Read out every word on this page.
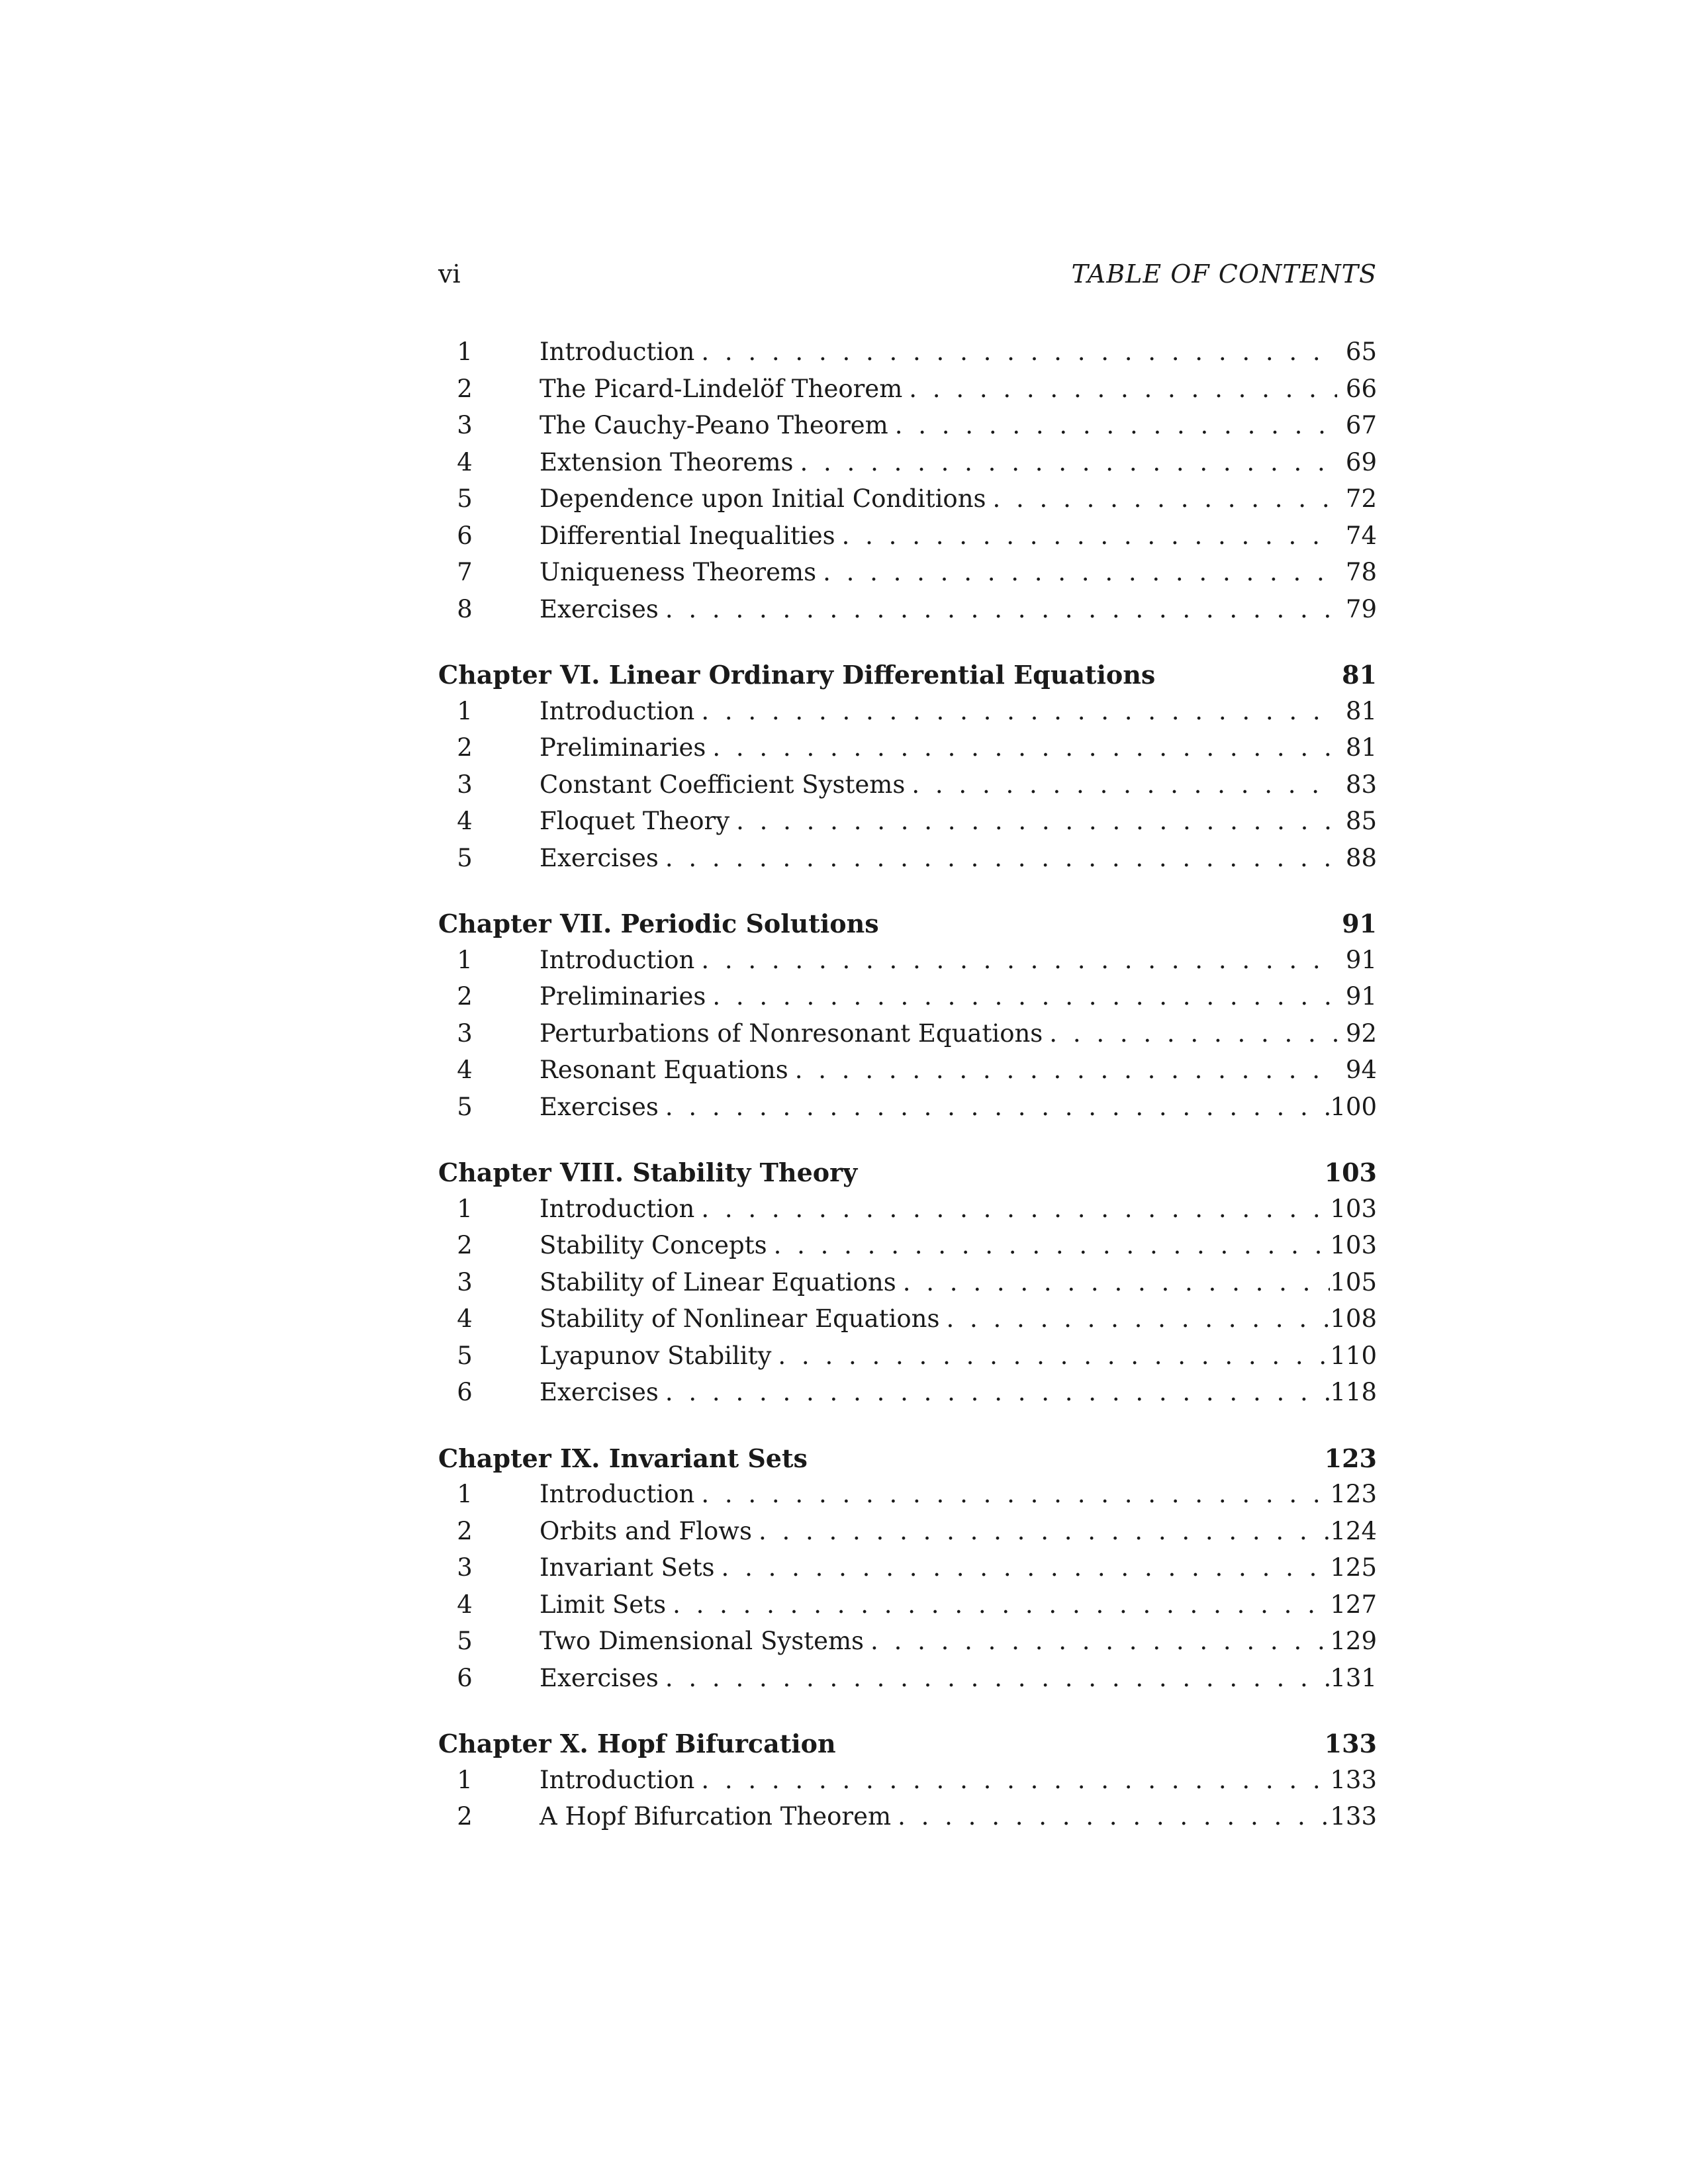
vi	TABLE OF CONTENTS
1	Introduction . . .	65
2	The Picard-Lindelöf Theorem . . .	66
3	The Cauchy-Peano Theorem . . .	67
4	Extension Theorems . . .	69
5	Dependence upon Initial Conditions . . .	72
6	Differential Inequalities . . .	74
7	Uniqueness Theorems . . .	78
8	Exercises . . .	79
Chapter VI. Linear Ordinary Differential Equations	81
1	Introduction . . .	81
2	Preliminaries . . .	81
3	Constant Coefficient Systems . . .	83
4	Floquet Theory . . .	85
5	Exercises . . .	88
Chapter VII. Periodic Solutions	91
1	Introduction . . .	91
2	Preliminaries . . .	91
3	Perturbations of Nonresonant Equations . . .	92
4	Resonant Equations . . .	94
5	Exercises . . .	100
Chapter VIII. Stability Theory	103
1	Introduction . . .	103
2	Stability Concepts . . .	103
3	Stability of Linear Equations . . .	105
4	Stability of Nonlinear Equations . . .	108
5	Lyapunov Stability . . .	110
6	Exercises . . .	118
Chapter IX. Invariant Sets	123
1	Introduction . . .	123
2	Orbits and Flows . . .	124
3	Invariant Sets . . .	125
4	Limit Sets . . .	127
5	Two Dimensional Systems . . .	129
6	Exercises . . .	131
Chapter X. Hopf Bifurcation	133
1	Introduction . . .	133
2	A Hopf Bifurcation Theorem . . .	133
